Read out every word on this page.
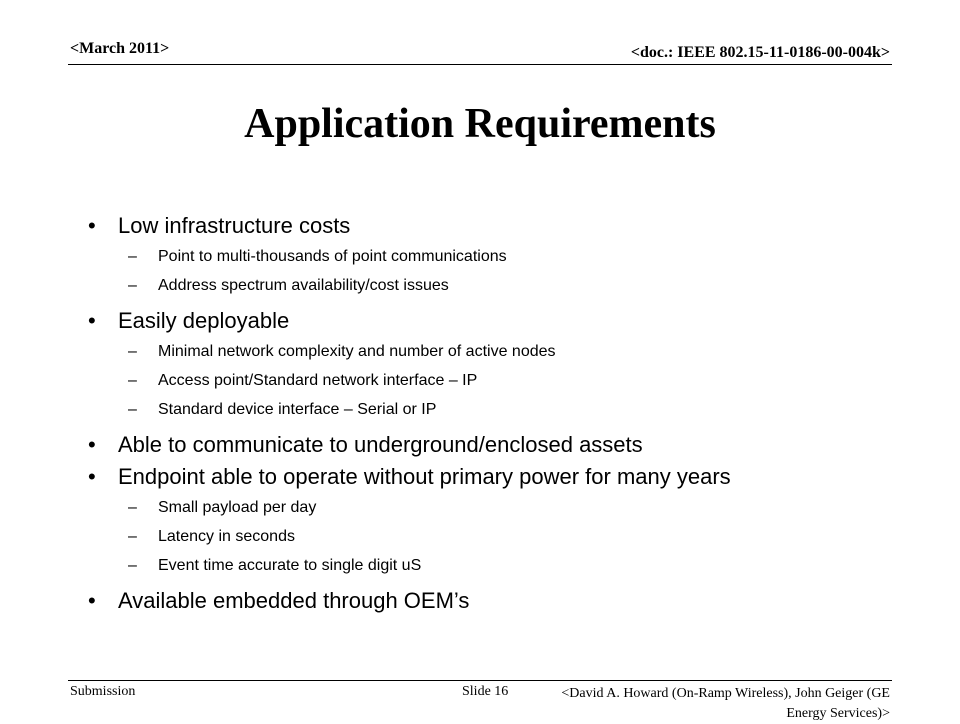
<March 2011>	<doc.: IEEE 802.15-11-0186-00-004k>
Application Requirements

• Low infrastructure costs

– Point to multi-thousands of point communications

– Address spectrum availability/cost issues

• Easily deployable

– Minimal network complexity and number of active nodes

– Access point/Standard network interface – IP

– Standard device interface – Serial or IP

• Able to communicate to underground/enclosed assets

• Endpoint able to operate without primary power for many years

– Small payload per day

– Latency in seconds

– Event time accurate to single digit uS

• Available embedded through OEM’s

Submission	Slide 16	<David A. Howard (On-Ramp Wireless), John Geiger (GE
Energy Services)>
